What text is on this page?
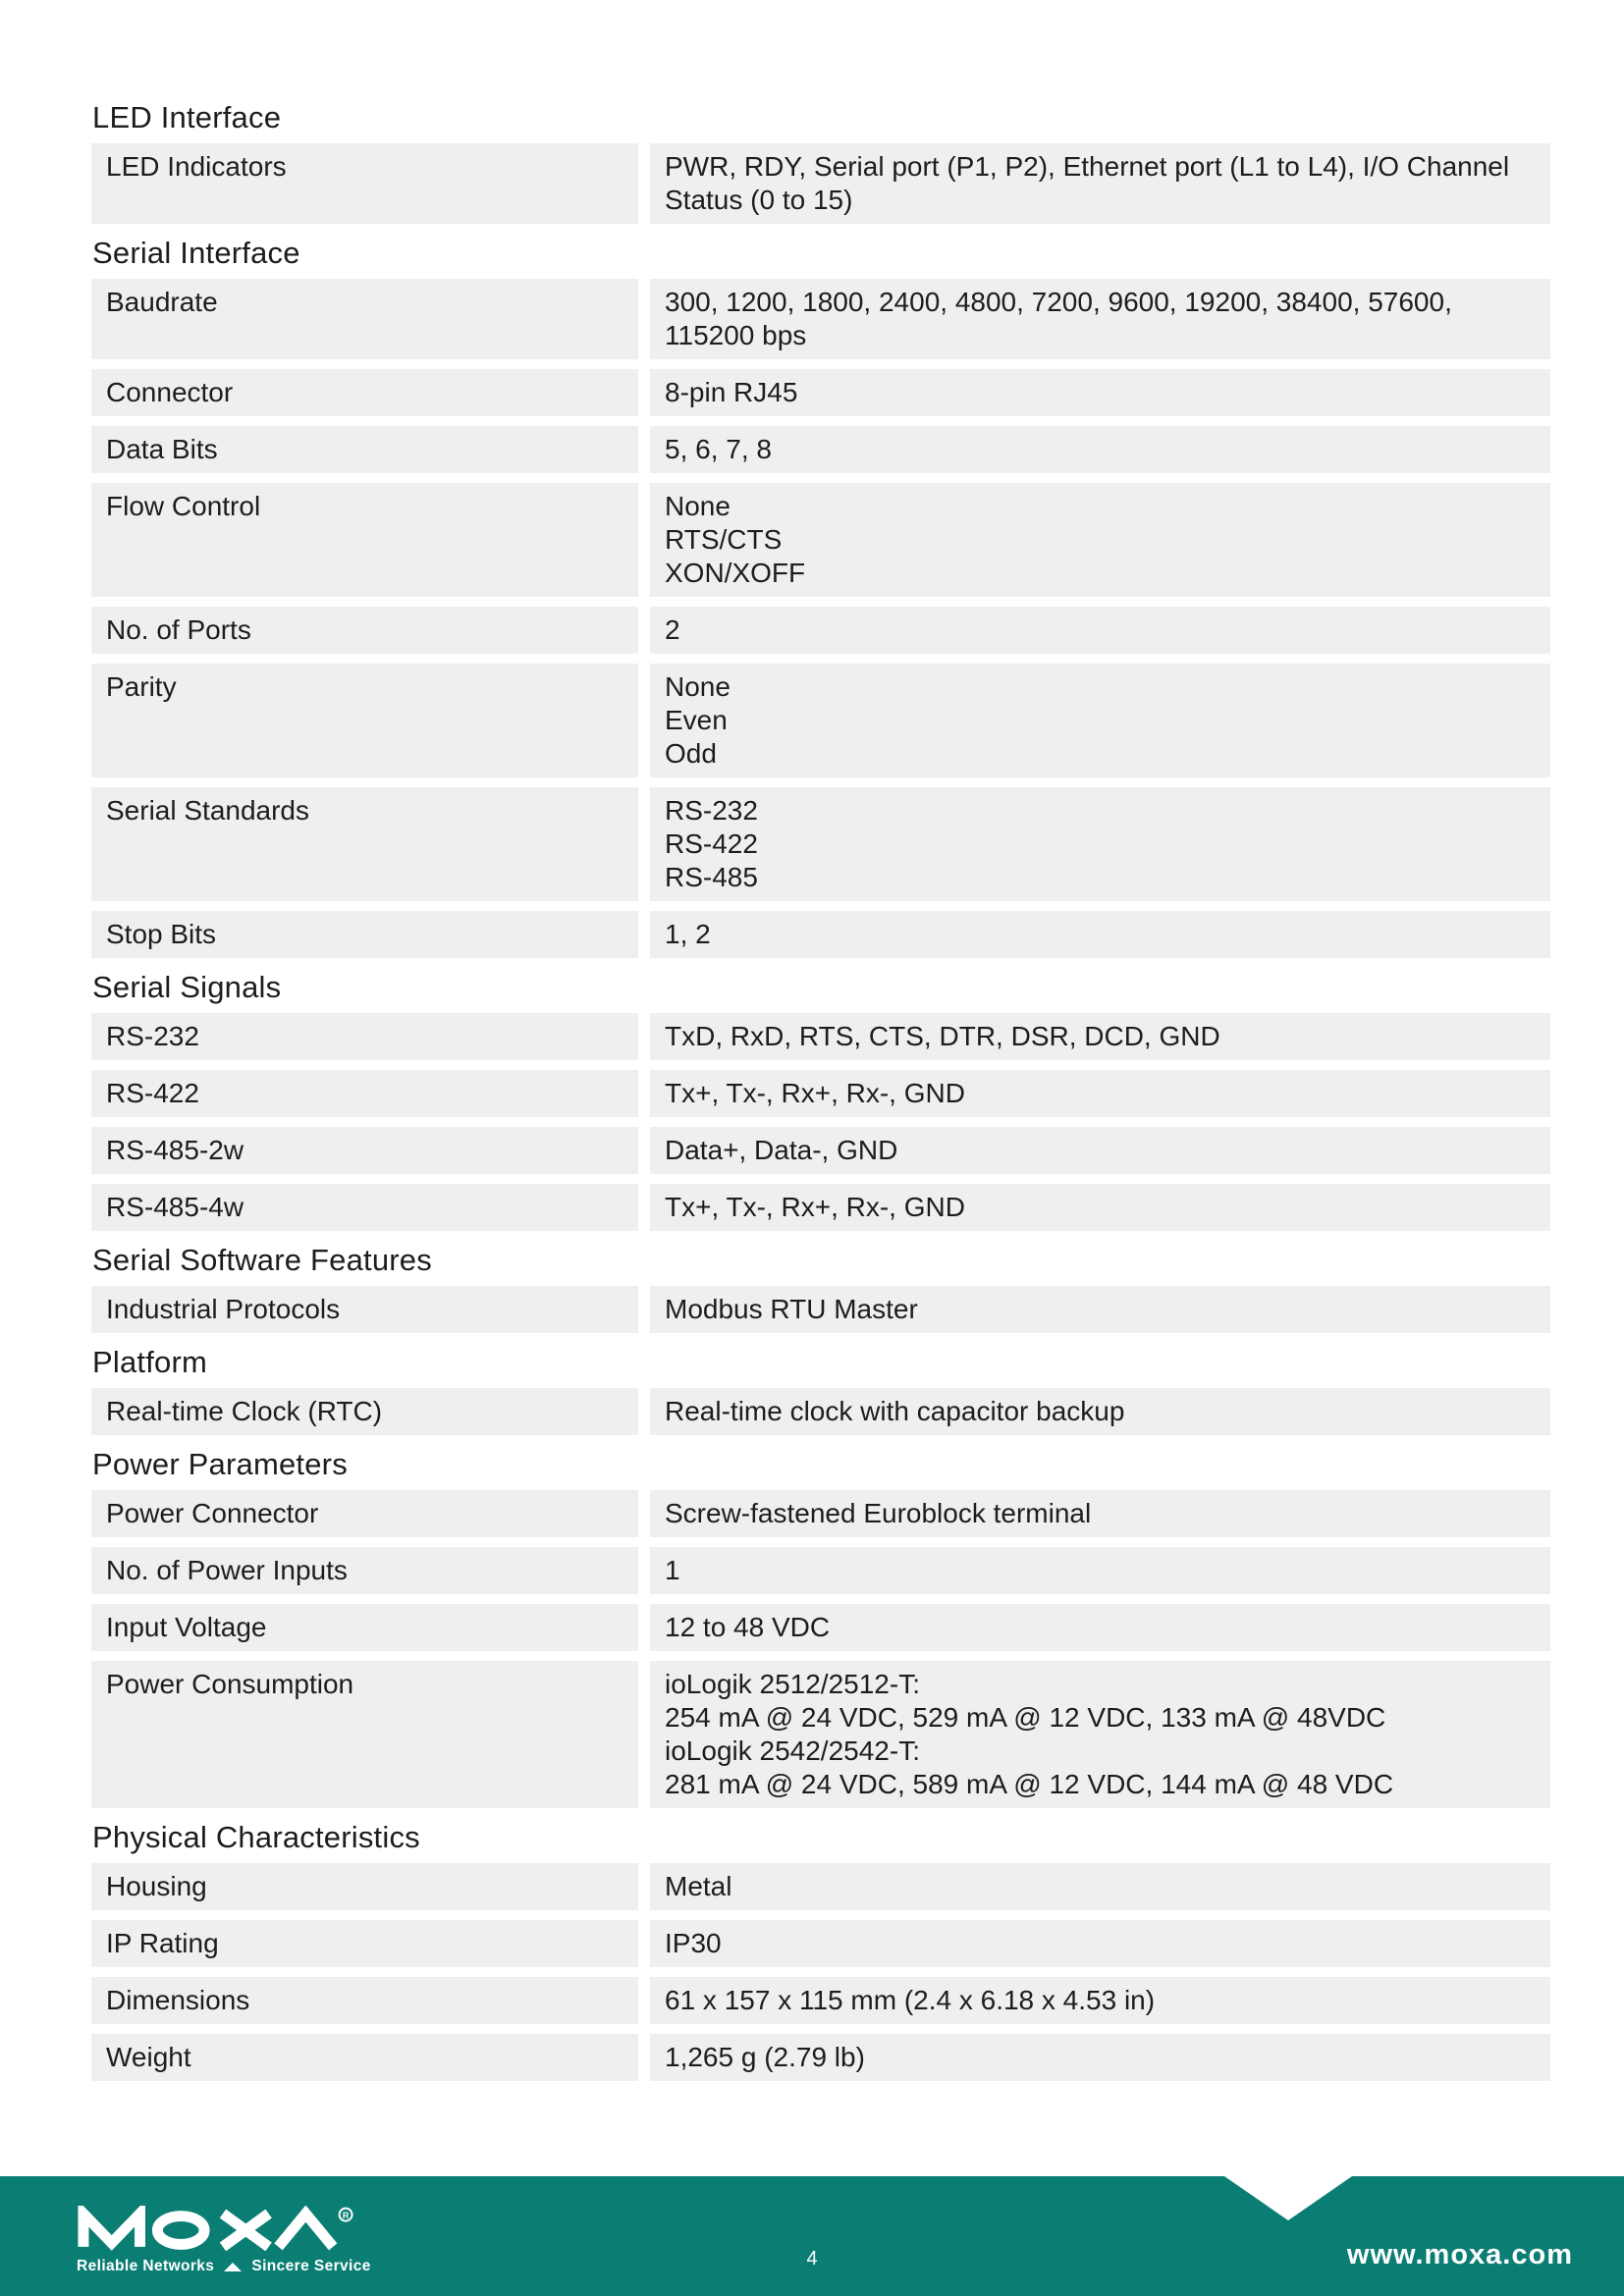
LED Interface
LED Indicators	PWR, RDY, Serial port (P1, P2), Ethernet port (L1 to L4), I/O Channel Status (0 to 15)
Serial Interface
Baudrate	300, 1200, 1800, 2400, 4800, 7200, 9600, 19200, 38400, 57600, 115200 bps
Connector	8-pin RJ45
Data Bits	5, 6, 7, 8
Flow Control	None
RTS/CTS
XON/XOFF
No. of Ports	2
Parity	None
Even
Odd
Serial Standards	RS-232
RS-422
RS-485
Stop Bits	1, 2
Serial Signals
RS-232	TxD, RxD, RTS, CTS, DTR, DSR, DCD, GND
RS-422	Tx+, Tx-, Rx+, Rx-, GND
RS-485-2w	Data+, Data-, GND
RS-485-4w	Tx+, Tx-, Rx+, Rx-, GND
Serial Software Features
Industrial Protocols	Modbus RTU Master
Platform
Real-time Clock (RTC)	Real-time clock with capacitor backup
Power Parameters
Power Connector	Screw-fastened Euroblock terminal
No. of Power Inputs	1
Input Voltage	12 to 48 VDC
Power Consumption	ioLogik 2512/2512-T:
254 mA @ 24 VDC, 529 mA @ 12 VDC, 133 mA @ 48VDC
ioLogik 2542/2542-T:
281 mA @ 24 VDC, 589 mA @ 12 VDC, 144 mA @ 48 VDC
Physical Characteristics
Housing	Metal
IP Rating	IP30
Dimensions	61 x 157 x 115 mm (2.4 x 6.18 x 4.53 in)
Weight	1,265 g (2.79 lb)
R
Reliable Networks Sincere Service	4	www.moxa.com
